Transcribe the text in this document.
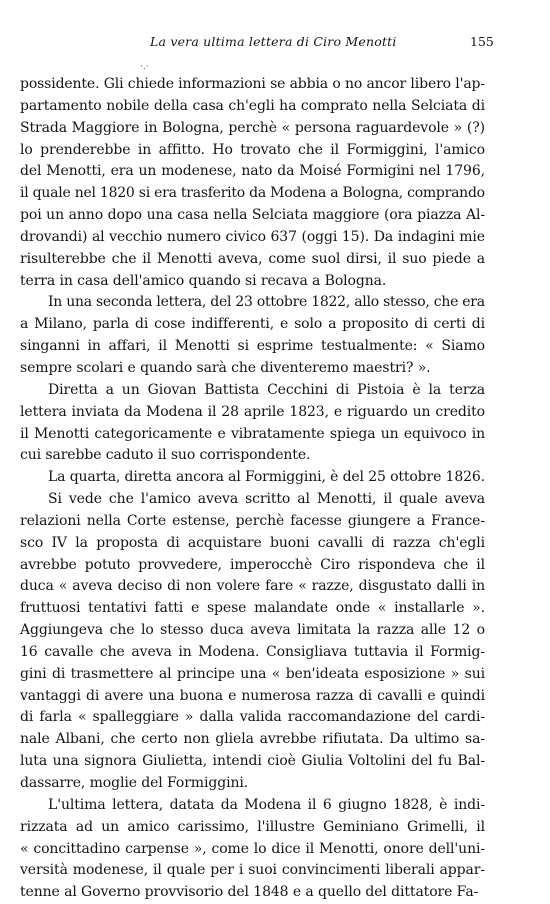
La vera ultima lettera di Ciro Menotti	155
·.·
possidente. Gli chiede informazioni se abbia o no ancor libero l'ap-
partamento nobile della casa ch'egli ha comprato nella Selciata di
Strada Maggiore in Bologna, perchè « persona raguardevole » (?)
lo prenderebbe in affitto. Ho trovato che il Formiggini, l'amico
del Menotti, era un modenese, nato da Moisé Formigini nel 1796,
il quale nel 1820 si era trasferito da Modena a Bologna, comprando
poi un anno dopo una casa nella Selciata maggiore (ora piazza Al-
drovandi) al vecchio numero civico 637 (oggi 15). Da indagini mie
risulterebbe che il Menotti aveva, come suol dirsi, il suo piede a
terra in casa dell'amico quando si recava a Bologna.
In una seconda lettera, del 23 ottobre 1822, allo stesso, che era
a Milano, parla di cose indifferenti, e solo a proposito di certi di
singanni in affari, il Menotti si esprime testualmente: « Siamo
sempre scolari e quando sarà che diventeremo maestri? ».
Diretta a un Giovan Battista Cecchini di Pistoia è la terza
lettera inviata da Modena il 28 aprile 1823, e riguardo un credito
il Menotti categoricamente e vibratamente spiega un equivoco in
cui sarebbe caduto il suo corrispondente.
La quarta, diretta ancora al Formiggini, è del 25 ottobre 1826.
Si vede che l'amico aveva scritto al Menotti, il quale aveva
relazioni nella Corte estense, perchè facesse giungere a France-
sco IV la proposta di acquistare buoni cavalli di razza ch'egli
avrebbe potuto provvedere, imperocchè Ciro rispondeva che il
duca « aveva deciso di non volere fare « razze, disgustato dalli in
fruttuosi tentativi fatti e spese malandate onde « installarle ».
Aggiungeva che lo stesso duca aveva limitata la razza alle 12 o
16 cavalle che aveva in Modena. Consigliava tuttavia il Formig-
gini di trasmettere al principe una « ben'ideata esposizione » sui
vantaggi di avere una buona e numerosa razza di cavalli e quindi
di farla « spalleggiare » dalla valida raccomandazione del cardi-
nale Albani, che certo non gliela avrebbe rifiutata. Da ultimo sa-
luta una signora Giulietta, intendi cioè Giulia Voltolini del fu Bal-
dassarre, moglie del Formiggini.
L'ultima lettera, datata da Modena il 6 giugno 1828, è indi-
rizzata ad un amico carissimo, l'illustre Geminiano Grimelli, il
« concittadino carpense », come lo dice il Menotti, onore dell'uni-
versità modenese, il quale per i suoi convincimenti liberali appar-
tenne al Governo provvisorio del 1848 e a quello del dittatore Fa-
